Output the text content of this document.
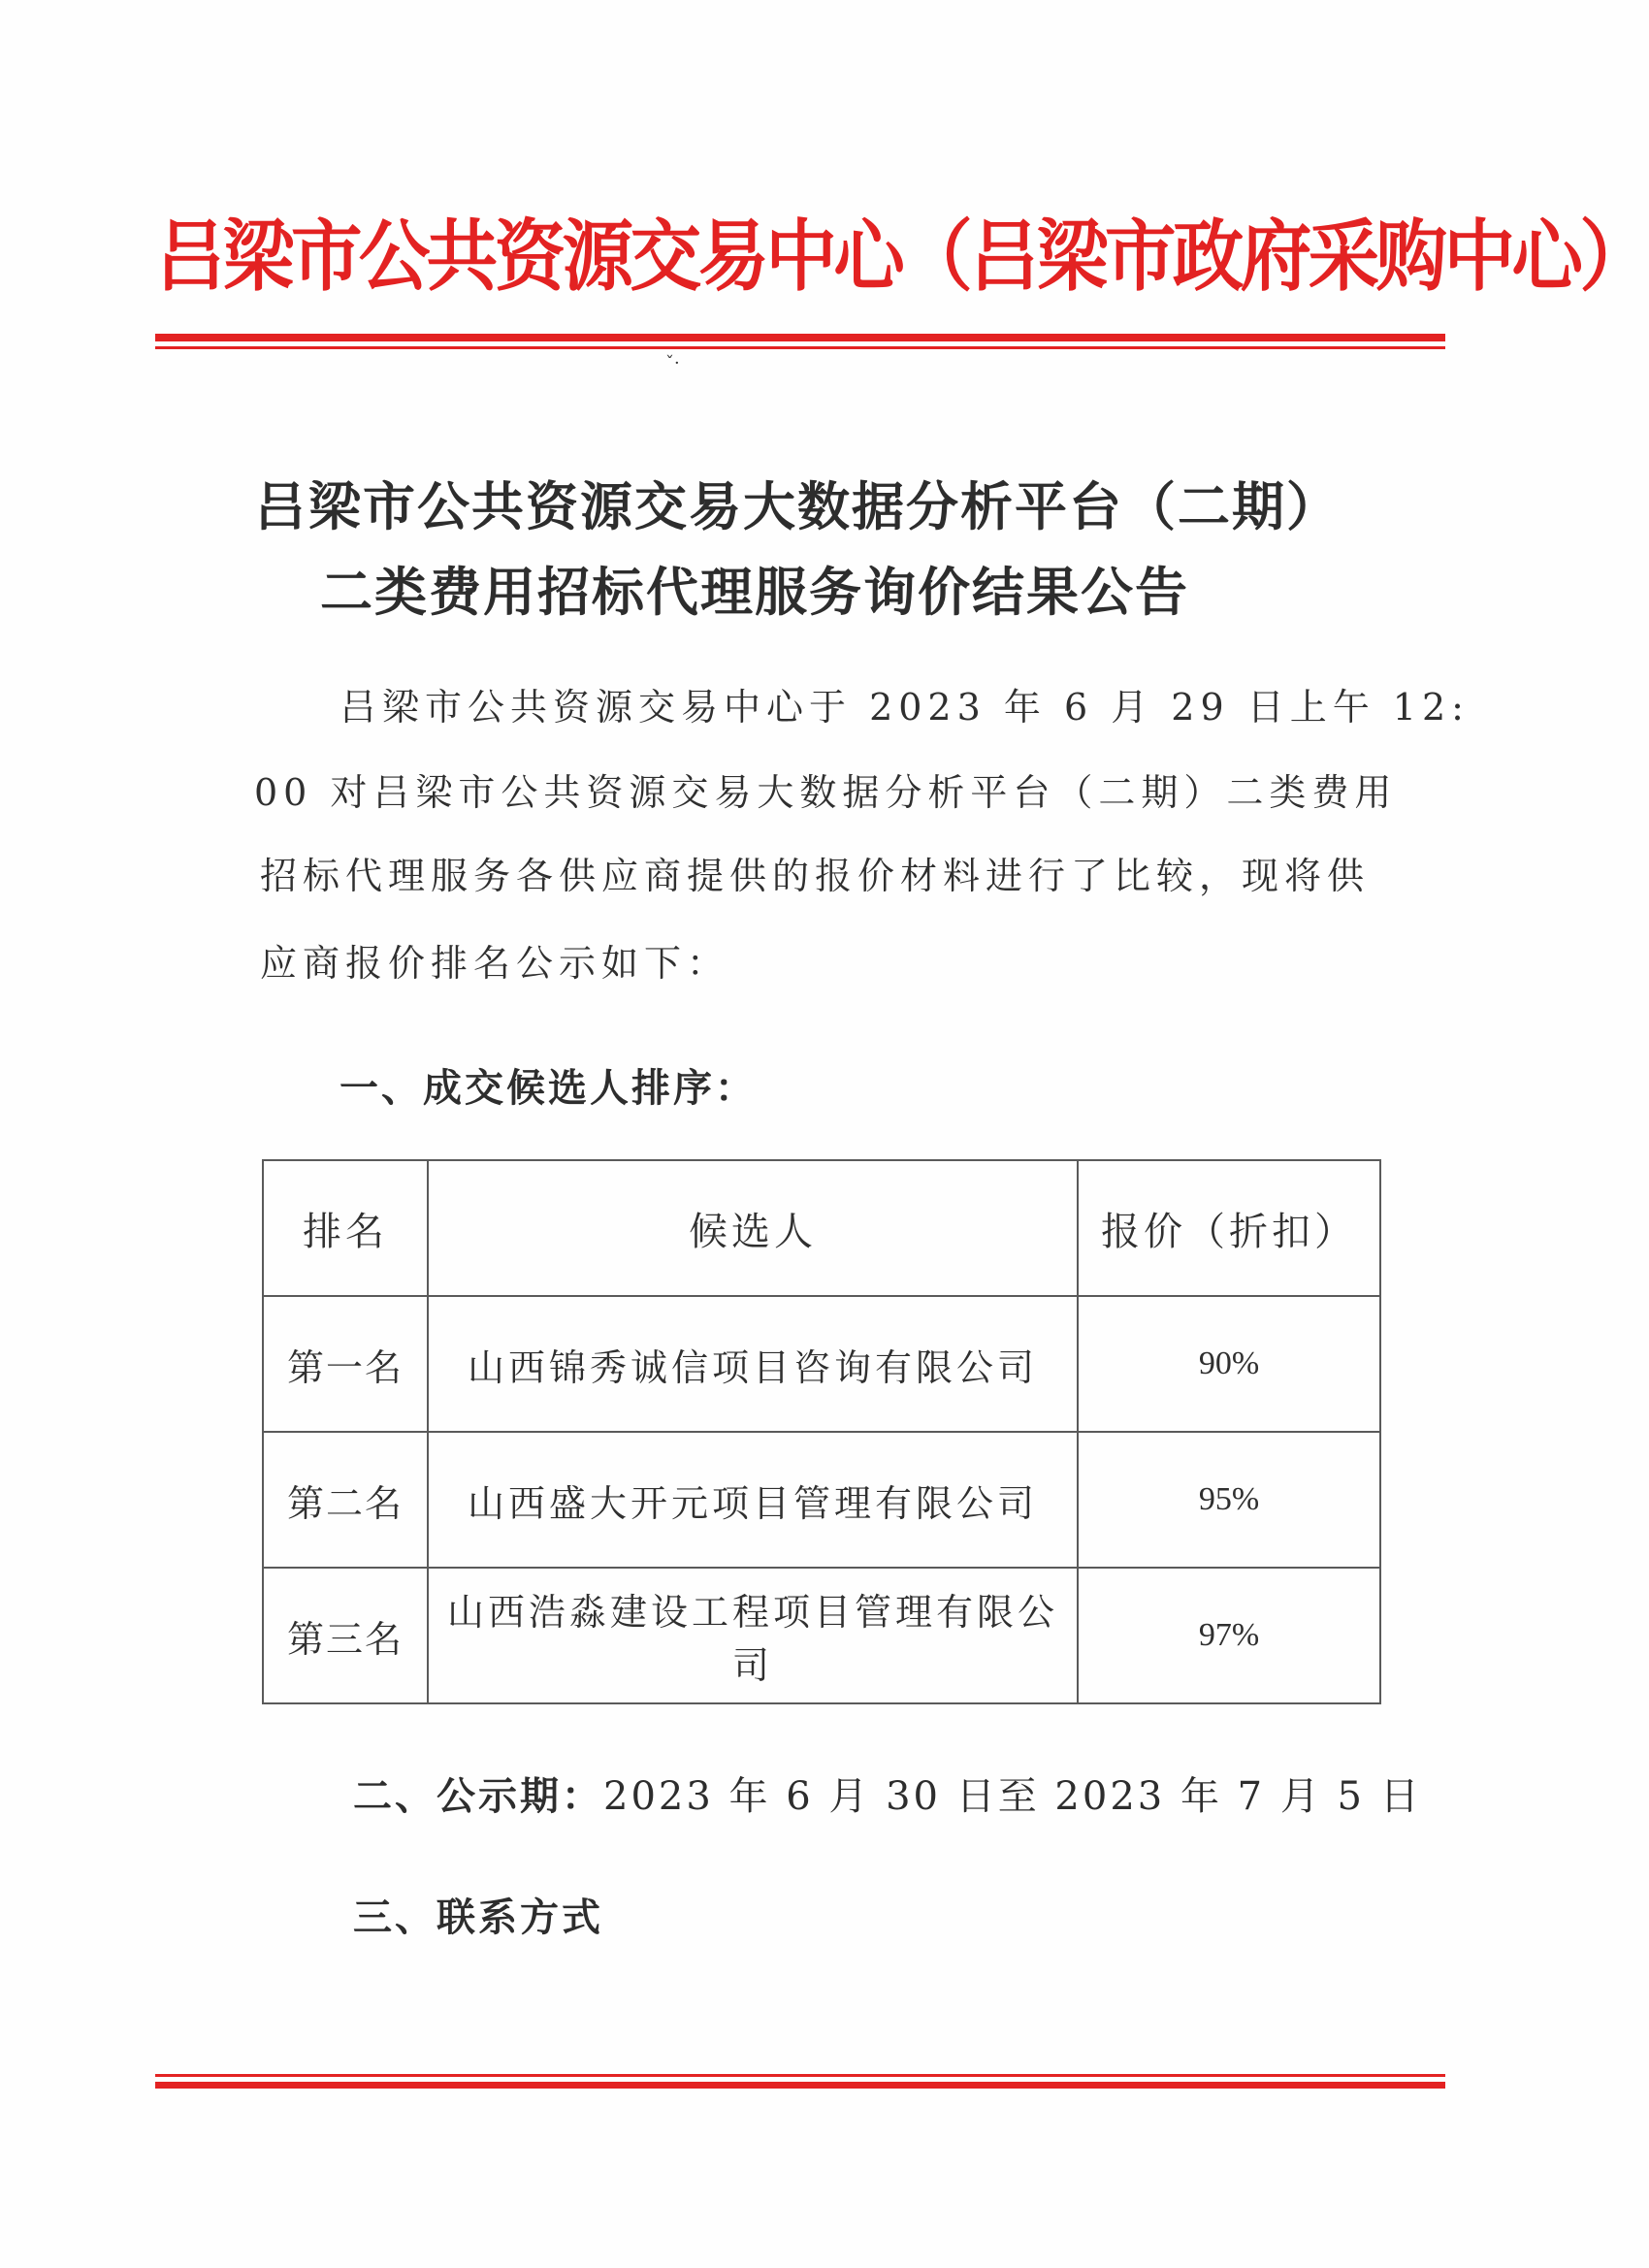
吕梁市公共资源交易中心（吕梁市政府采购中心）
ˇ·
吕梁市公共资源交易大数据分析平台（二期）
二类费用招标代理服务询价结果公告
吕梁市公共资源交易中心于 2023 年 6 月 29 日上午 12:
00 对吕梁市公共资源交易大数据分析平台（二期）二类费用
招标代理服务各供应商提供的报价材料进行了比较，现将供
应商报价排名公示如下：
一、成交候选人排序：
排名	候选人	报价（折扣）
第一名	山西锦秀诚信项目咨询有限公司	90%
第二名	山西盛大开元项目管理有限公司	95%
第三名	山西浩淼建设工程项目管理有限公司	97%
二、公示期：2023 年 6 月 30 日至 2023 年 7 月 5 日
三、联系方式
